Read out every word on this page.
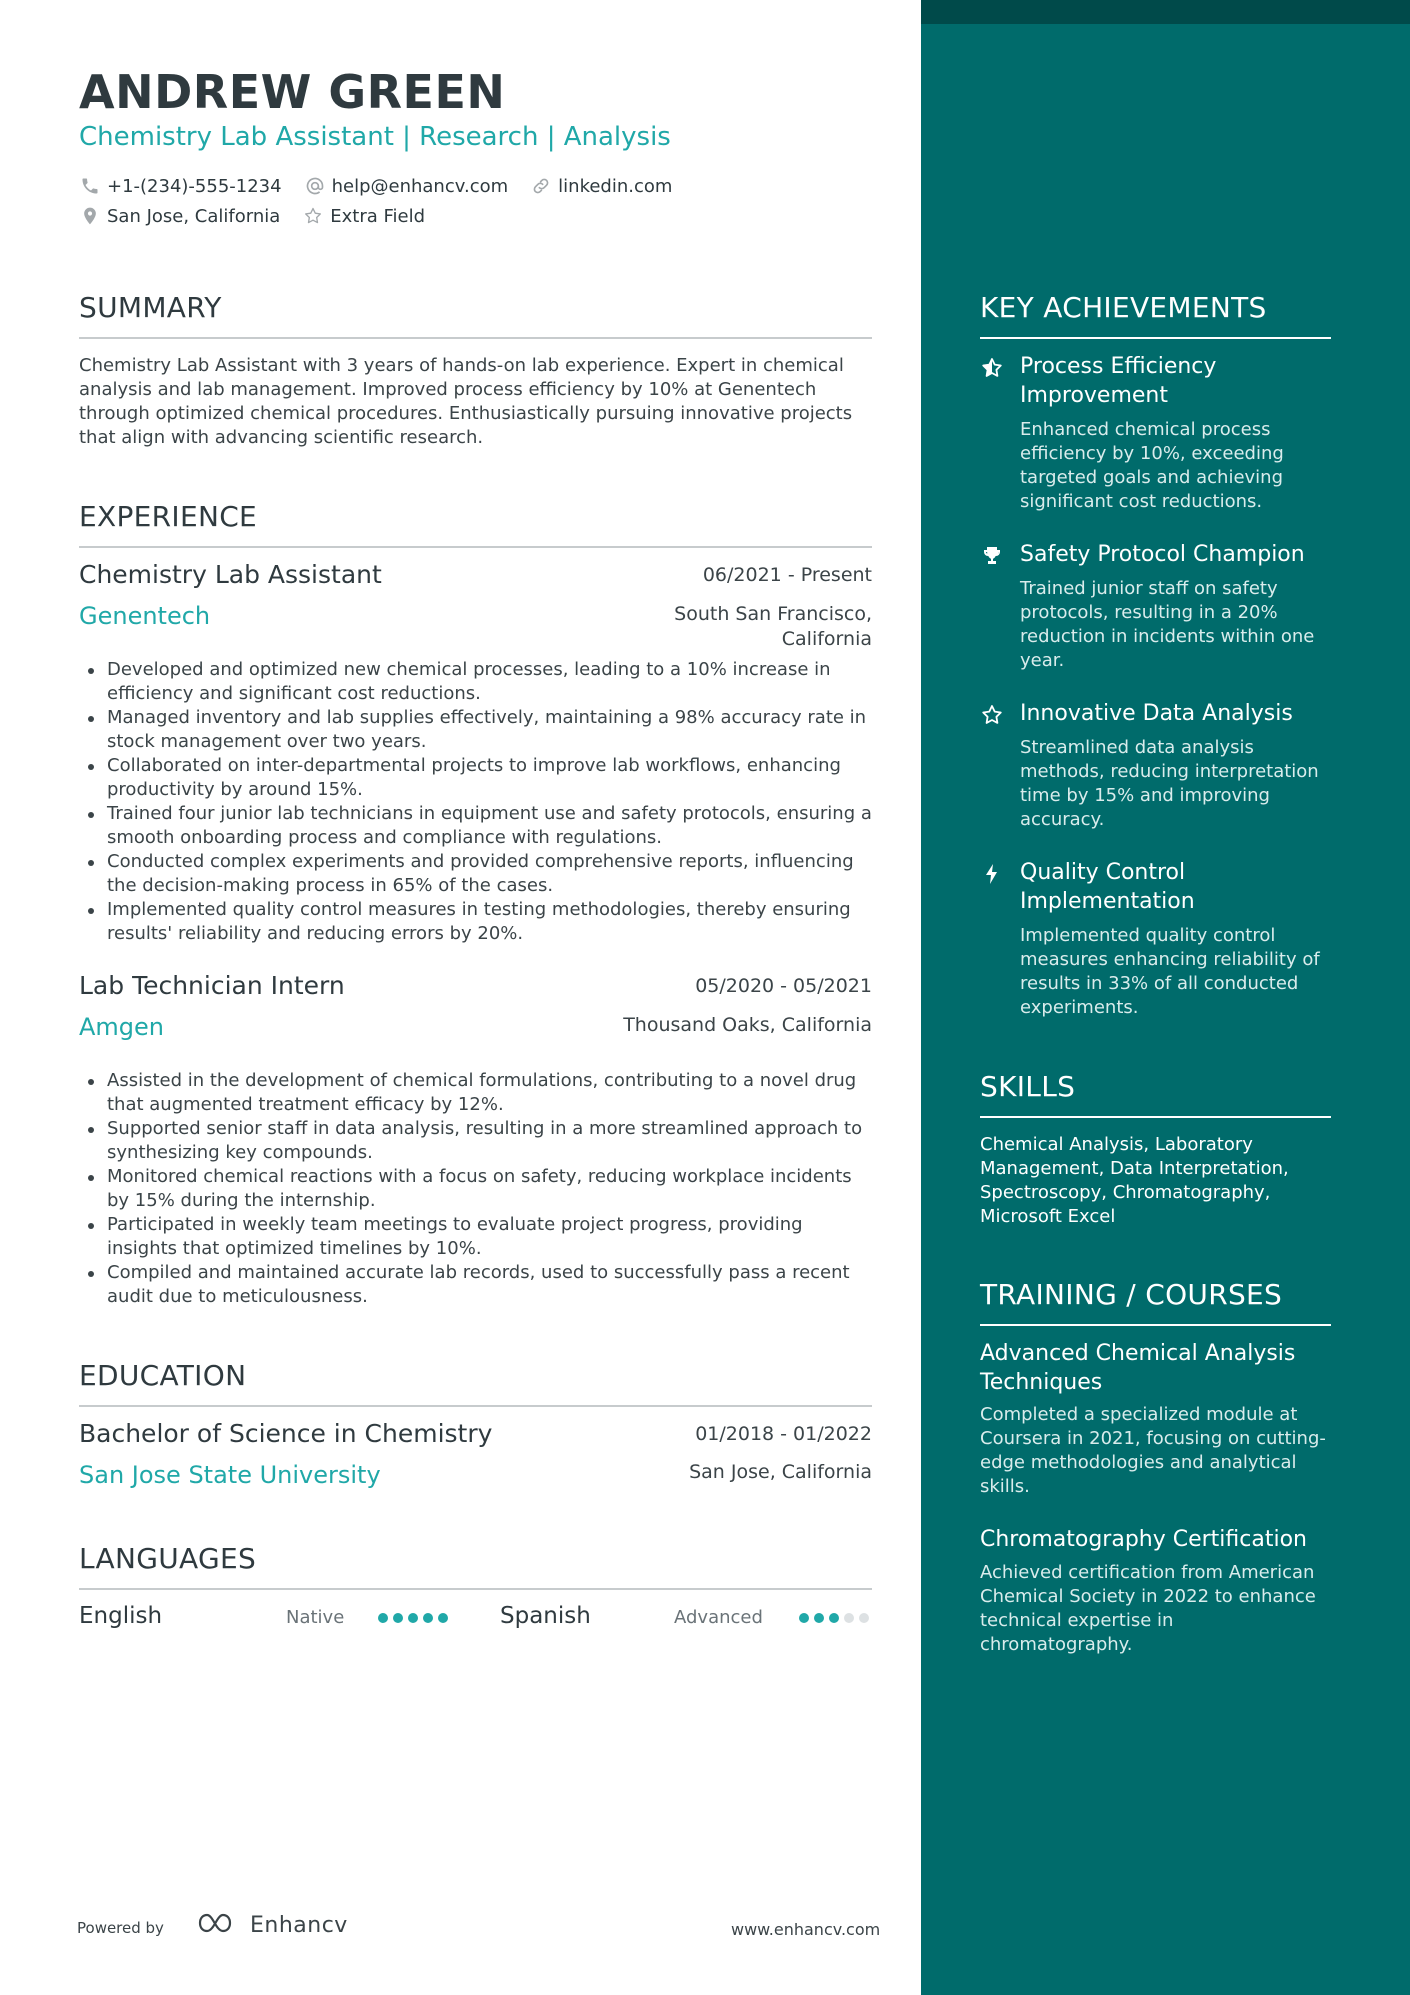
ANDREW GREEN
Chemistry Lab Assistant | Research | Analysis
+1-(234)-555-1234	help@enhancv.com	linkedin.com
San Jose, California	Extra Field
SUMMARY
Chemistry Lab Assistant with 3 years of hands-on lab experience. Expert in chemical analysis and lab management. Improved process efficiency by 10% at Genentech through optimized chemical procedures. Enthusiastically pursuing innovative projects that align with advancing scientific research.
EXPERIENCE
Chemistry Lab Assistant	06/2021 - Present
Genentech	South San Francisco, California
Developed and optimized new chemical processes, leading to a 10% increase in efficiency and significant cost reductions.
Managed inventory and lab supplies effectively, maintaining a 98% accuracy rate in stock management over two years.
Collaborated on inter-departmental projects to improve lab workflows, enhancing productivity by around 15%.
Trained four junior lab technicians in equipment use and safety protocols, ensuring a smooth onboarding process and compliance with regulations.
Conducted complex experiments and provided comprehensive reports, influencing the decision-making process in 65% of the cases.
Implemented quality control measures in testing methodologies, thereby ensuring results' reliability and reducing errors by 20%.
Lab Technician Intern	05/2020 - 05/2021
Amgen	Thousand Oaks, California
Assisted in the development of chemical formulations, contributing to a novel drug that augmented treatment efficacy by 12%.
Supported senior staff in data analysis, resulting in a more streamlined approach to synthesizing key compounds.
Monitored chemical reactions with a focus on safety, reducing workplace incidents by 15% during the internship.
Participated in weekly team meetings to evaluate project progress, providing insights that optimized timelines by 10%.
Compiled and maintained accurate lab records, used to successfully pass a recent audit due to meticulousness.
EDUCATION
Bachelor of Science in Chemistry	01/2018 - 01/2022
San Jose State University	San Jose, California
LANGUAGES
English	Native	Spanish	Advanced
Powered by	Enhancv	www.enhancv.com
KEY ACHIEVEMENTS
Process Efficiency Improvement
Enhanced chemical process efficiency by 10%, exceeding targeted goals and achieving significant cost reductions.
Safety Protocol Champion
Trained junior staff on safety protocols, resulting in a 20% reduction in incidents within one year.
Innovative Data Analysis
Streamlined data analysis methods, reducing interpretation time by 15% and improving accuracy.
Quality Control Implementation
Implemented quality control measures enhancing reliability of results in 33% of all conducted experiments.
SKILLS
Chemical Analysis, Laboratory Management, Data Interpretation, Spectroscopy, Chromatography, Microsoft Excel
TRAINING / COURSES
Advanced Chemical Analysis Techniques
Completed a specialized module at Coursera in 2021, focusing on cutting-edge methodologies and analytical skills.
Chromatography Certification
Achieved certification from American Chemical Society in 2022 to enhance technical expertise in chromatography.
